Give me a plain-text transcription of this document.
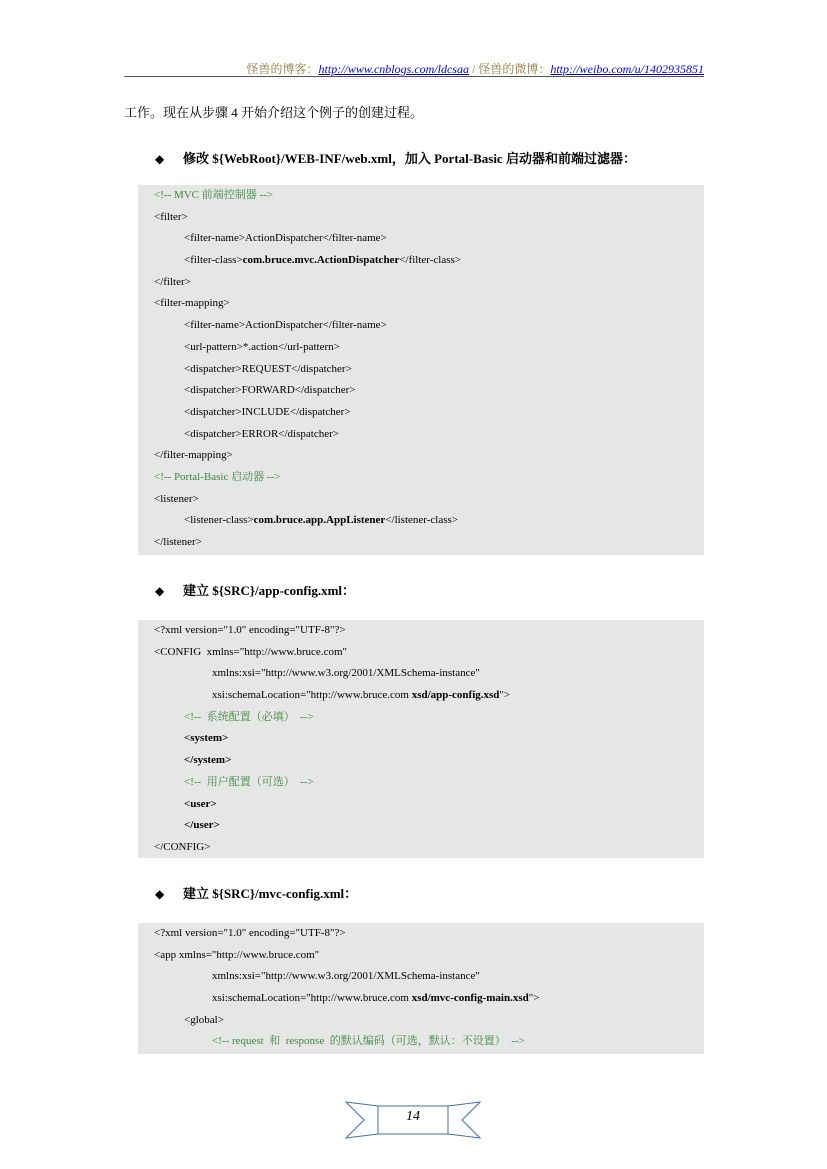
怪兽的博客：http://www.cnblogs.com/ldcsaa / 怪兽的微博：http://weibo.com/u/1402935851
工作。现在从步骤 4 开始介绍这个例子的创建过程。
◆ 修改 ${WebRoot}/WEB-INF/web.xml，加入 Portal-Basic 启动器和前端过滤器：
<!-- MVC 前端控制器 -->
<filter>
<filter-name>ActionDispatcher</filter-name>
<filter-class>com.bruce.mvc.ActionDispatcher</filter-class>
</filter>
<filter-mapping>
<filter-name>ActionDispatcher</filter-name>
<url-pattern>*.action</url-pattern>
<dispatcher>REQUEST</dispatcher>
<dispatcher>FORWARD</dispatcher>
<dispatcher>INCLUDE</dispatcher>
<dispatcher>ERROR</dispatcher>
</filter-mapping>
<!-- Portal-Basic 启动器 -->
<listener>
<listener-class>com.bruce.app.AppListener</listener-class>
</listener>
◆ 建立 ${SRC}/app-config.xml：
<?xml version="1.0" encoding="UTF-8"?>
<CONFIG  xmlns="http://www.bruce.com"
xmlns:xsi="http://www.w3.org/2001/XMLSchema-instance"
xsi:schemaLocation="http://www.bruce.com xsd/app-config.xsd">
<!--  系统配置（必填）  -->
<system>
</system>
<!--  用户配置（可选）  -->
<user>
</user>
</CONFIG>
◆ 建立 ${SRC}/mvc-config.xml：
<?xml version="1.0" encoding="UTF-8"?>
<app xmlns="http://www.bruce.com"
xmlns:xsi="http://www.w3.org/2001/XMLSchema-instance"
xsi:schemaLocation="http://www.bruce.com xsd/mvc-config-main.xsd">
<global>
<!-- request  和  response  的默认编码（可选，默认：不设置）  -->
14
